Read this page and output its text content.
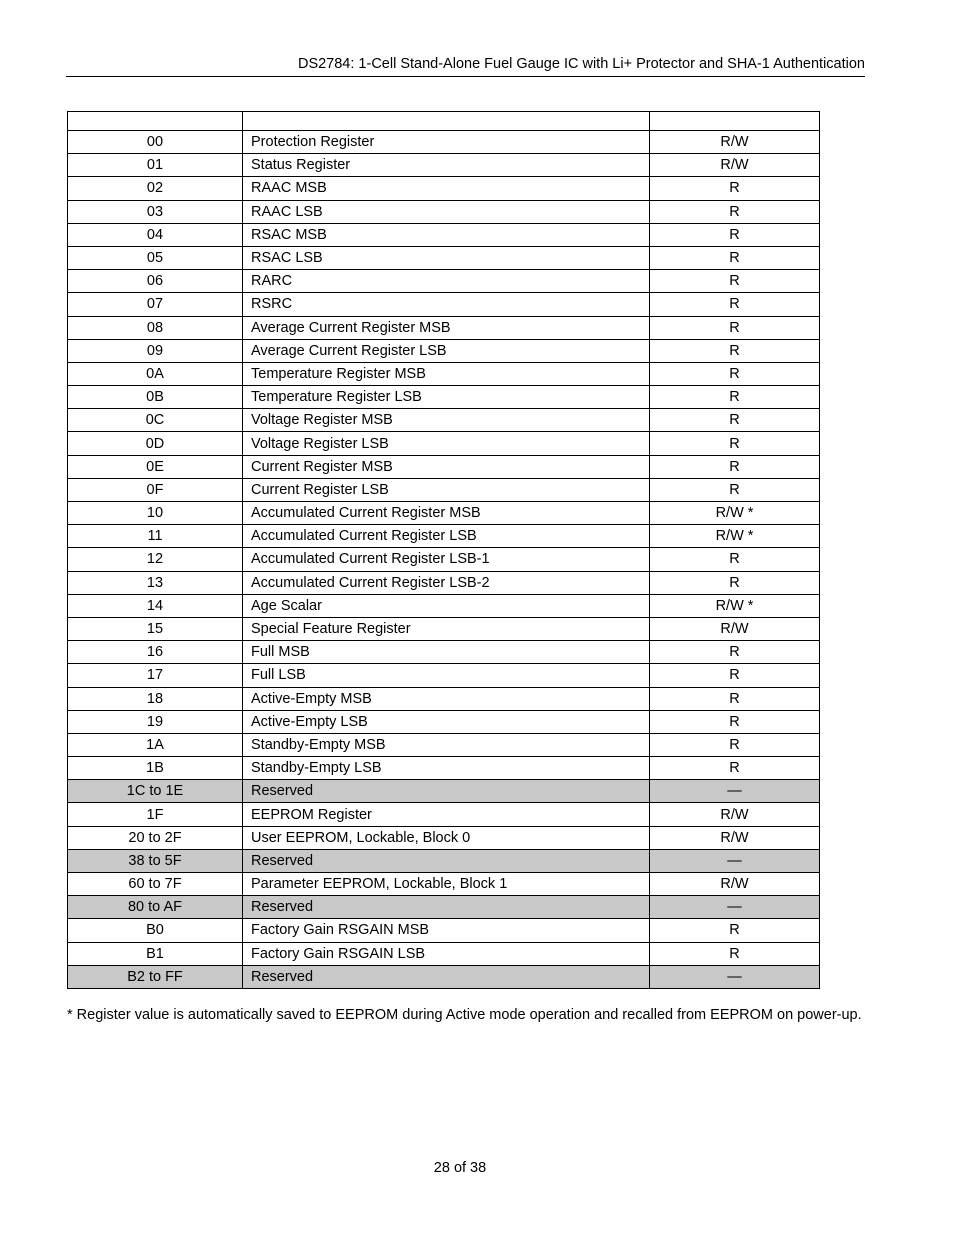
DS2784: 1-Cell Stand-Alone Fuel Gauge IC with Li+ Protector and SHA-1 Authentication

00	Protection Register	R/W
01	Status Register	R/W
02	RAAC MSB	R
03	RAAC LSB	R
04	RSAC MSB	R
05	RSAC LSB	R
06	RARC	R
07	RSRC	R
08	Average Current Register MSB	R
09	Average Current Register LSB	R
0A	Temperature Register MSB	R
0B	Temperature Register LSB	R
0C	Voltage Register MSB	R
0D	Voltage Register LSB	R
0E	Current Register MSB	R
0F	Current Register LSB	R
10	Accumulated Current Register MSB	R/W *
11	Accumulated Current Register LSB	R/W *
12	Accumulated Current Register LSB-1	R
13	Accumulated Current Register LSB-2	R
14	Age Scalar	R/W *
15	Special Feature Register	R/W
16	Full MSB	R
17	Full LSB	R
18	Active-Empty MSB	R
19	Active-Empty LSB	R
1A	Standby-Empty MSB	R
1B	Standby-Empty LSB	R
1C to 1E	Reserved	—
1F	EEPROM Register	R/W
20 to 2F	User EEPROM, Lockable, Block 0	R/W
38 to 5F	Reserved	—
60 to 7F	Parameter EEPROM, Lockable, Block 1	R/W
80 to AF	Reserved	—
B0	Factory Gain RSGAIN MSB	R
B1	Factory Gain RSGAIN LSB	R
B2 to FF	Reserved	—
* Register value is automatically saved to EEPROM during Active mode operation and recalled from EEPROM on power-up.
28 of 38
